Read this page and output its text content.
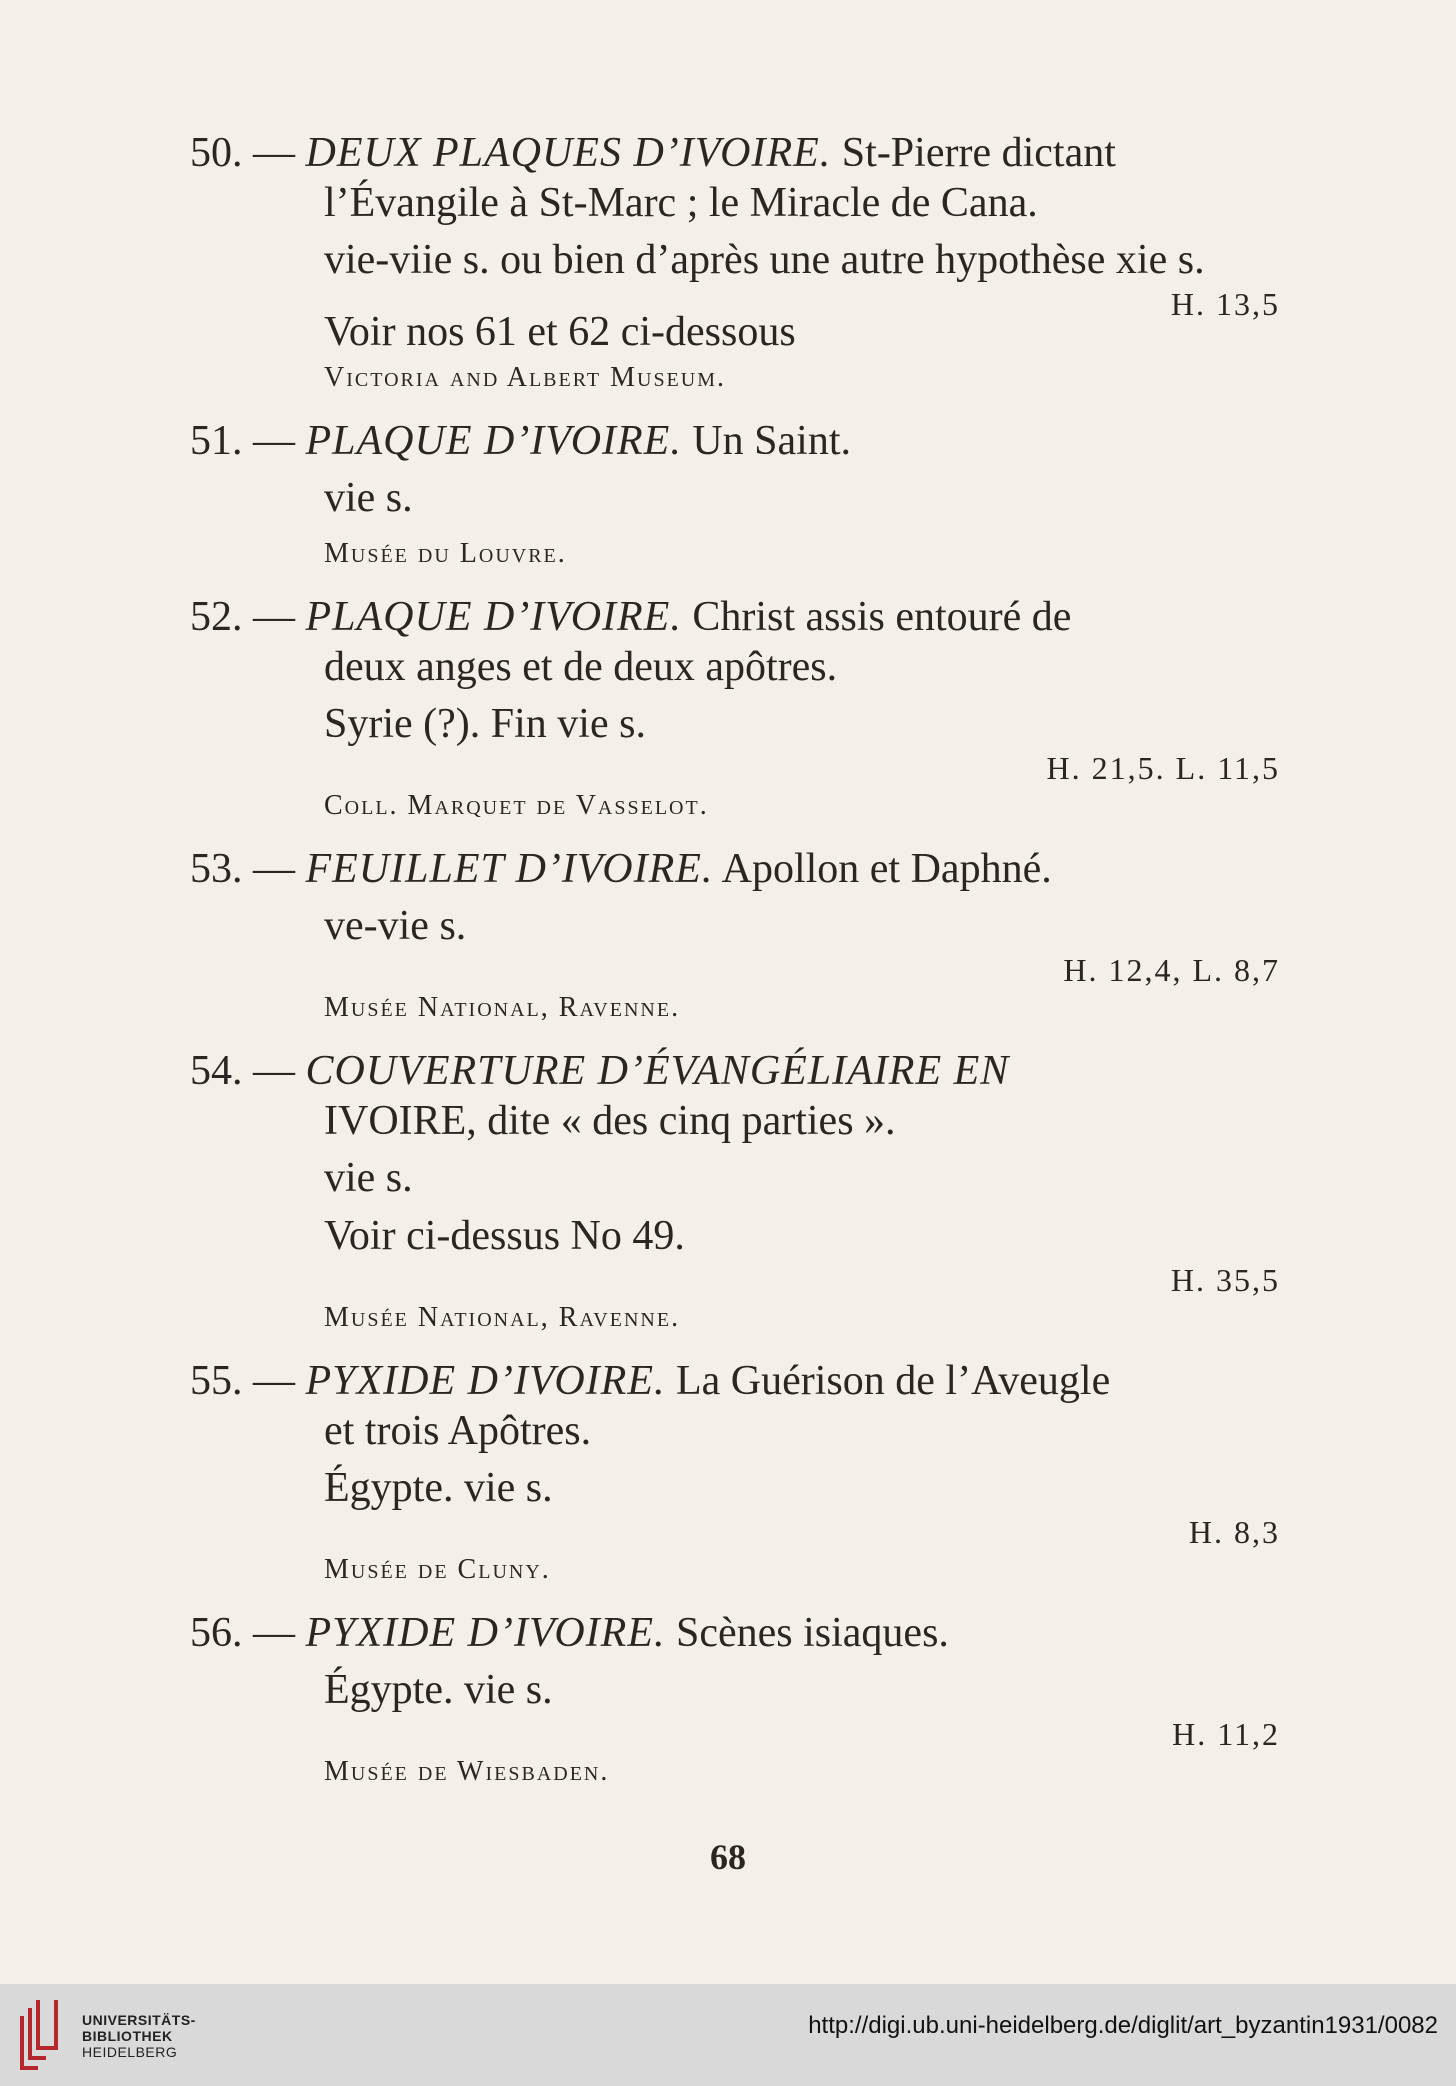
50. — DEUX PLAQUES D’IVOIRE. St-Pierre dictant

l’Évangile à St-Marc ; le Miracle de Cana.

vie-viie s. ou bien d’après une autre hypothèse xie s.

H. 13,5

Voir nos 61 et 62 ci-dessous

Victoria and Albert Museum.

51. — PLAQUE D’IVOIRE. Un Saint.

vie s.

Musée du Louvre.

52. — PLAQUE D’IVOIRE. Christ assis entouré de

deux anges et de deux apôtres.

Syrie (?). Fin vie s.

H. 21,5. L. 11,5

Coll. Marquet de Vasselot.

53. — FEUILLET D’IVOIRE. Apollon et Daphné.

ve-vie s.

H. 12,4, L. 8,7

Musée National, Ravenne.

54. — COUVERTURE D’ÉVANGÉLIAIRE EN

IVOIRE, dite « des cinq parties ».

vie s.

Voir ci-dessus No 49.

H. 35,5

Musée National, Ravenne.

55. — PYXIDE D’IVOIRE. La Guérison de l’Aveugle

et trois Apôtres.

Égypte. vie s.

H. 8,3

Musée de Cluny.

56. — PYXIDE D’IVOIRE. Scènes isiaques.

Égypte. vie s.

H. 11,2

Musée de Wiesbaden.

68
UNIVERSITÄTS-
BIBLIOTHEK
HEIDELBERG
http://digi.ub.uni-heidelberg.de/diglit/art_byzantin1931/0082
